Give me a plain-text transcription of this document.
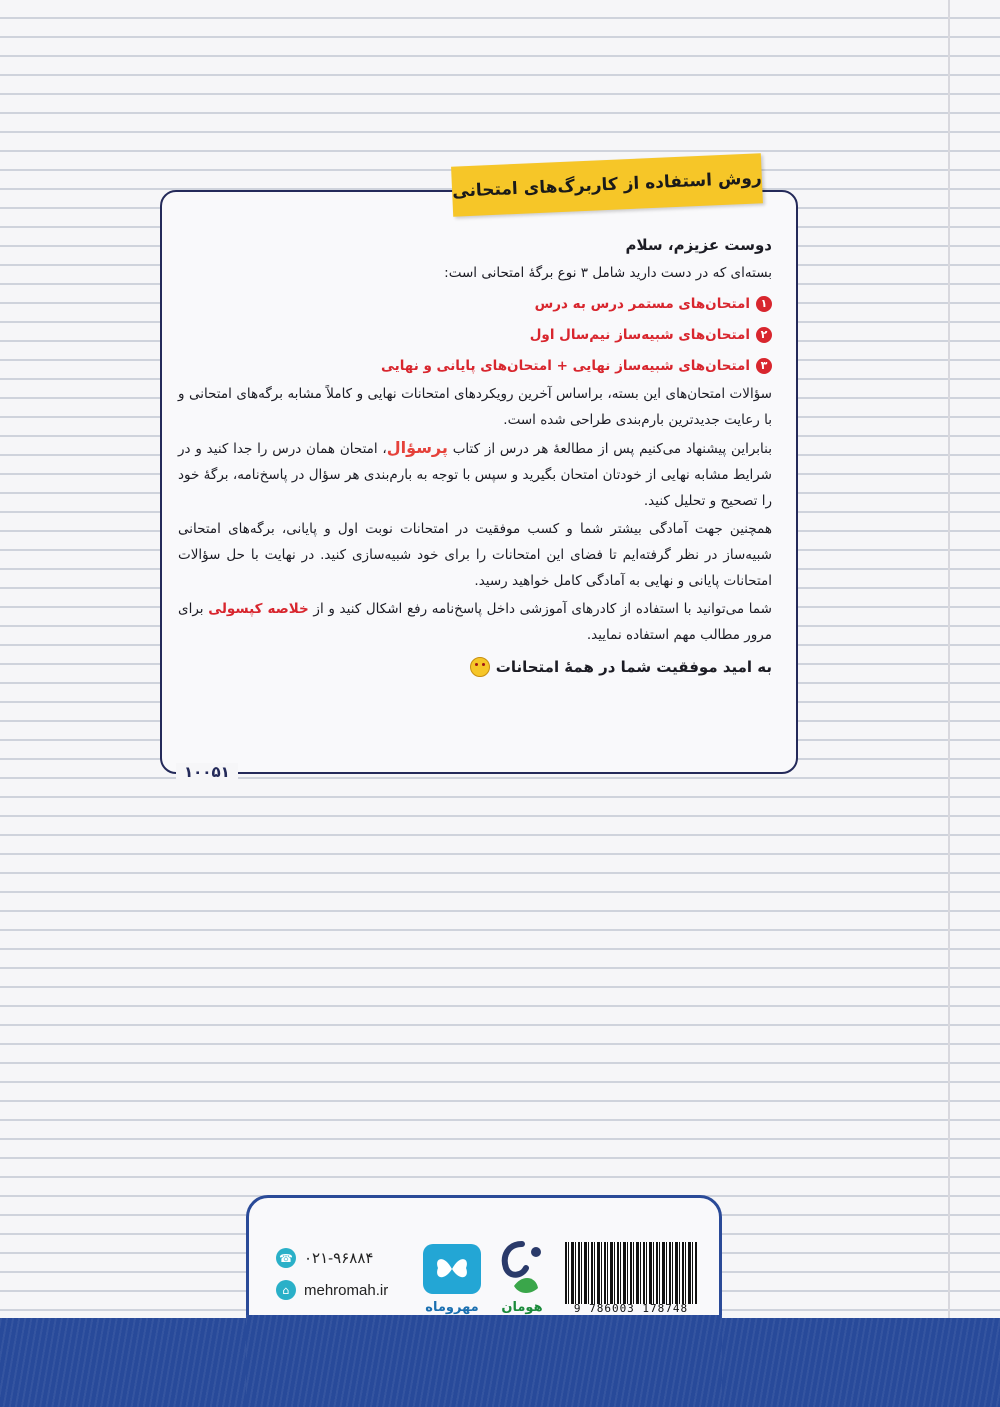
۱۰۰۵۱
روش استفاده از کاربرگ‌های امتحانی
دوست عزیزم، سلام
بسته‌ای که در دست دارید شامل ۳ نوع برگهٔ امتحانی است:
۱
امتحان‌های مستمر درس به درس
۲
امتحان‌های شبیه‌ساز نیم‌سال اول
۳
امتحان‌های شبیه‌ساز نهایی + امتحان‌های پایانی و نهایی
سؤالات امتحان‌های این بسته، براساس آخرین رویکردهای امتحانات نهایی و کاملاً مشابه برگه‌های امتحانی و با رعایت جدیدترین بارم‌بندی طراحی شده است.
بنابراین پیشنهاد می‌کنیم پس از مطالعهٔ هر درس از کتاب پرسؤال، امتحان همان درس را جدا کنید و در شرایط مشابه نهایی از خودتان امتحان بگیرید و سپس با توجه به بارم‌بندی هر سؤال در پاسخ‌نامه، برگهٔ خود را تصحیح و تحلیل کنید.
همچنین جهت آمادگی بیشتر شما و کسب موفقیت در امتحانات نوبت اول و پایانی، برگه‌های امتحانی شبیه‌ساز در نظر گرفته‌ایم تا فضای این امتحانات را برای خود شبیه‌سازی کنید. در نهایت با حل سؤالات امتحانات پایانی و نهایی به آمادگی کامل خواهید رسید.
شما می‌توانید با استفاده از کادرهای آموزشی داخل پاسخ‌نامه رفع اشکال کنید و از خلاصه کپسولی برای مرور مطالب مهم استفاده نمایید.
به امید موفقیت شما در همهٔ امتحانات
9 786003 178748
هومان
مهروماه
☎ ۰۲۱-۹۶۸۸۴
⌂ mehromah.ir
